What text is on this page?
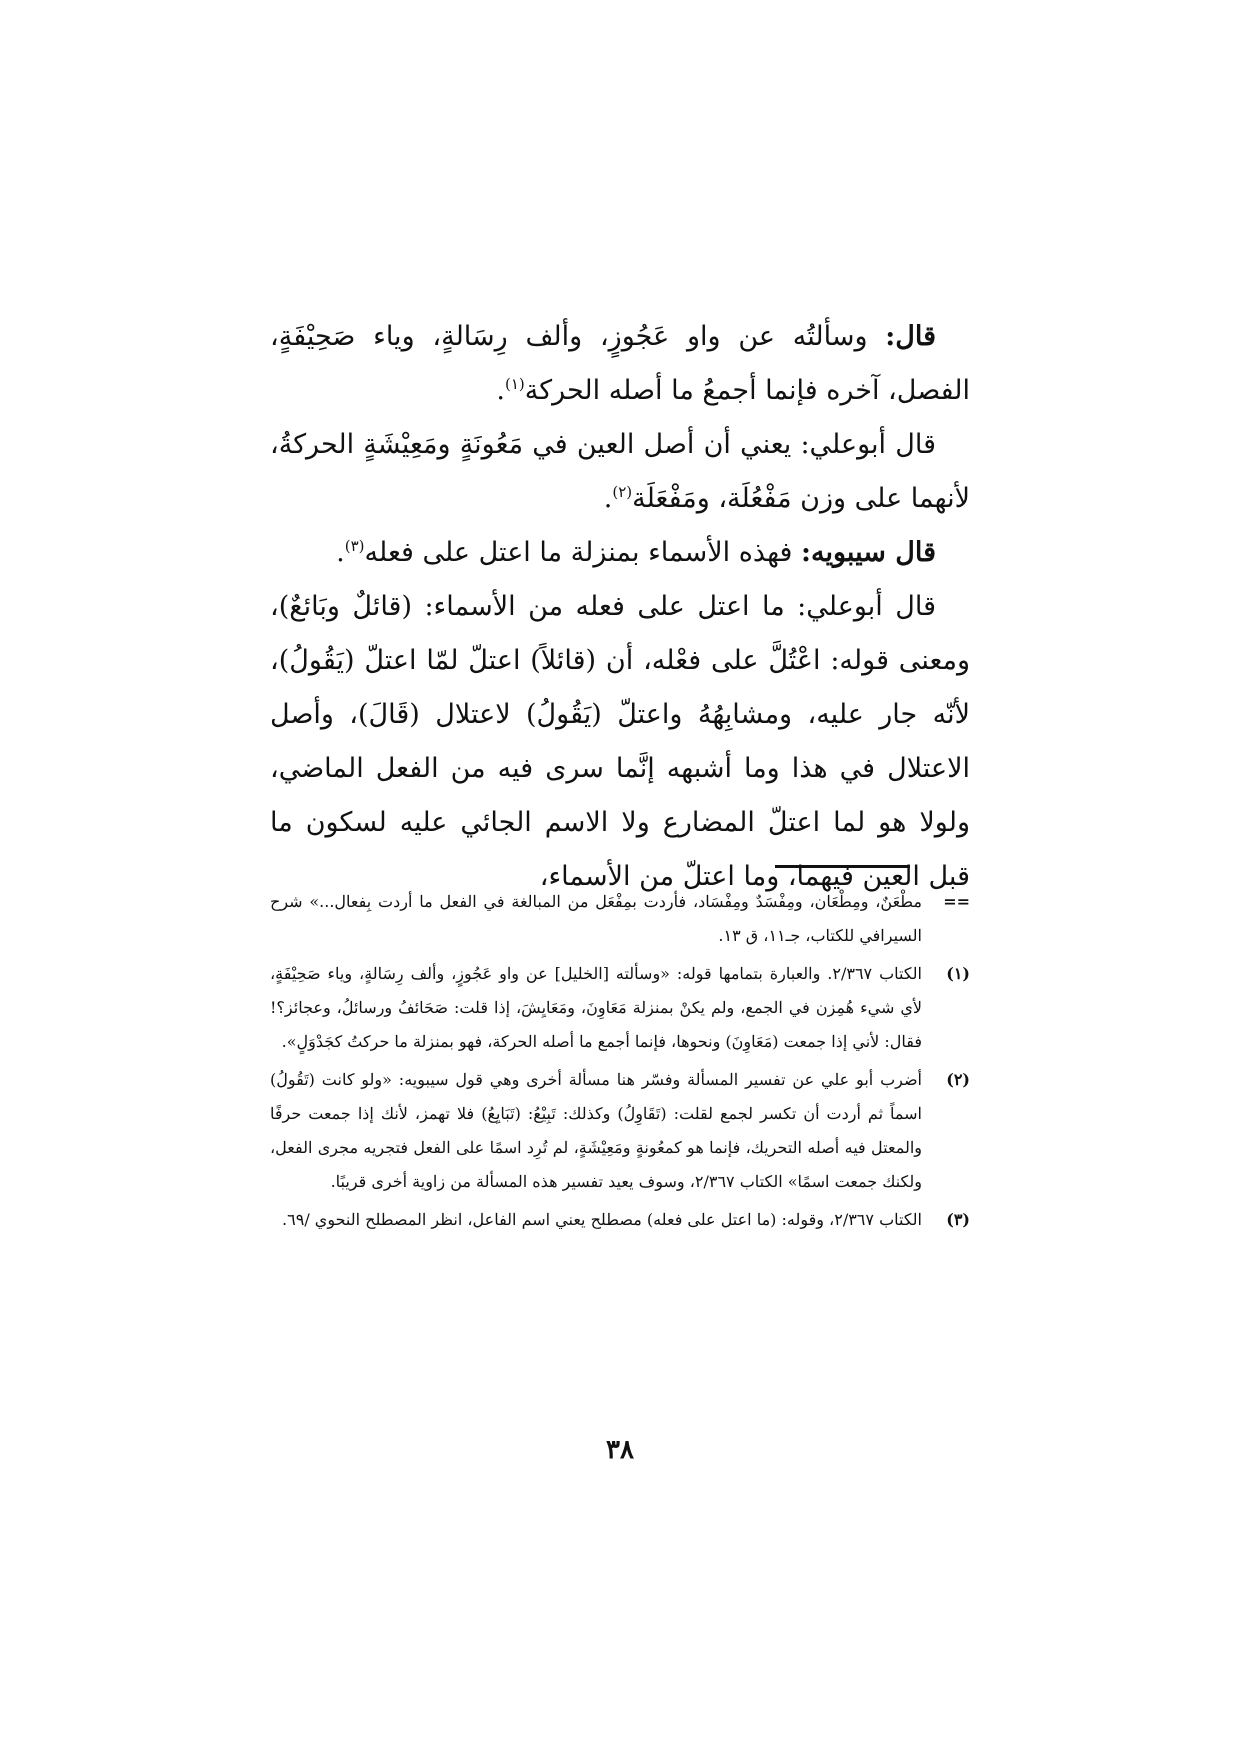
قال: وسألتُه عن واو عَجُوزٍ، وألف رِسَالةٍ، وياء صَحِيْفَةٍ، الفصل، آخره فإنما أجمعُ ما أصله الحركة$^{(١)}$.

قال أبوعلي: يعني أن أصل العين في مَعُونَةٍ ومَعِيْشَةٍ الحركةُ، لأنهما على وزن مَفْعُلَة، ومَفْعَلَة$^{(٢)}$.

قال سيبويه: فهذه الأسماء بمنزلة ما اعتل على فعله$^{(٣)}$.

قال أبوعلي: ما اعتل على فعله من الأسماء: (قائلٌ وبَائعٌ)، ومعنى قوله: اعْتُلَّ على فعْله، أن (قائلاً) اعتلّ لمّا اعتلّ (يَقُولُ)، لأنّه جار عليه، ومشابِهُهُ واعتلّ (يَقُولُ) لاعتلال (قَالَ)، وأصل الاعتلال في هذا وما أشبهه إنَّما سرى فيه من الفعل الماضي، ولولا هو لما اعتلّ المضارع ولا الاسم الجائي عليه لسكون ما قبل العين فيهما، وما اعتلّ من الأسماء،

==
مطْعَنٌ، ومِطْعَان، ومِفْسَدٌ ومِفْسَاد، فأردت بمِفْعَل من المبالغة في الفعل ما أردت بِفعال...» شرح السيرافي للكتاب، جـ١١، ق ١٣.
(١)
الكتاب ٢/٣٦٧. والعبارة بتمامها قوله: «وسألته [الخليل] عن واو عَجُوزٍ، وألف رِسَالةٍ، وياء صَحِيْفَةٍ، لأي شيء هُمِزن في الجمع، ولم يكنْ بمنزلة مَعَاوِنَ، ومَعَايِشَ، إذا قلت: صَحَائفُ ورسائلُ، وعجائز؟! فقال: لأني إذا جمعت (مَعَاوِنَ) ونحوها، فإنما أجمع ما أصله الحركة، فهو بمنزلة ما حركتُ كجَدْوَلٍ».
(٢)
أضرب أبو علي عن تفسير المسألة وفسّر هنا مسألة أخرى وهي قول سيبويه: «ولو كانت (تَقُولُ) اسماً ثم أردت أن تكسر لجمع لقلت: (تَقَاوِلُ) وكذلك: تَبِيْعُ: (تَبَايِعُ) فلا تهمز، لأنك إذا جمعت حرفًا والمعتل فيه أصله التحريك، فإنما هو كمعُونةٍ ومَعِيْشَةٍ، لم تُرِد اسمًا على الفعل فتجريه مجرى الفعل، ولكنك جمعت اسمًا» الكتاب ٢/٣٦٧، وسوف يعيد تفسير هذه المسألة من زاوية أخرى قريبًا.
(٣)
الكتاب ٢/٣٦٧، وقوله: (ما اعتل على فعله) مصطلح يعني اسم الفاعل، انظر المصطلح النحوي /٦٩.
٣٨
